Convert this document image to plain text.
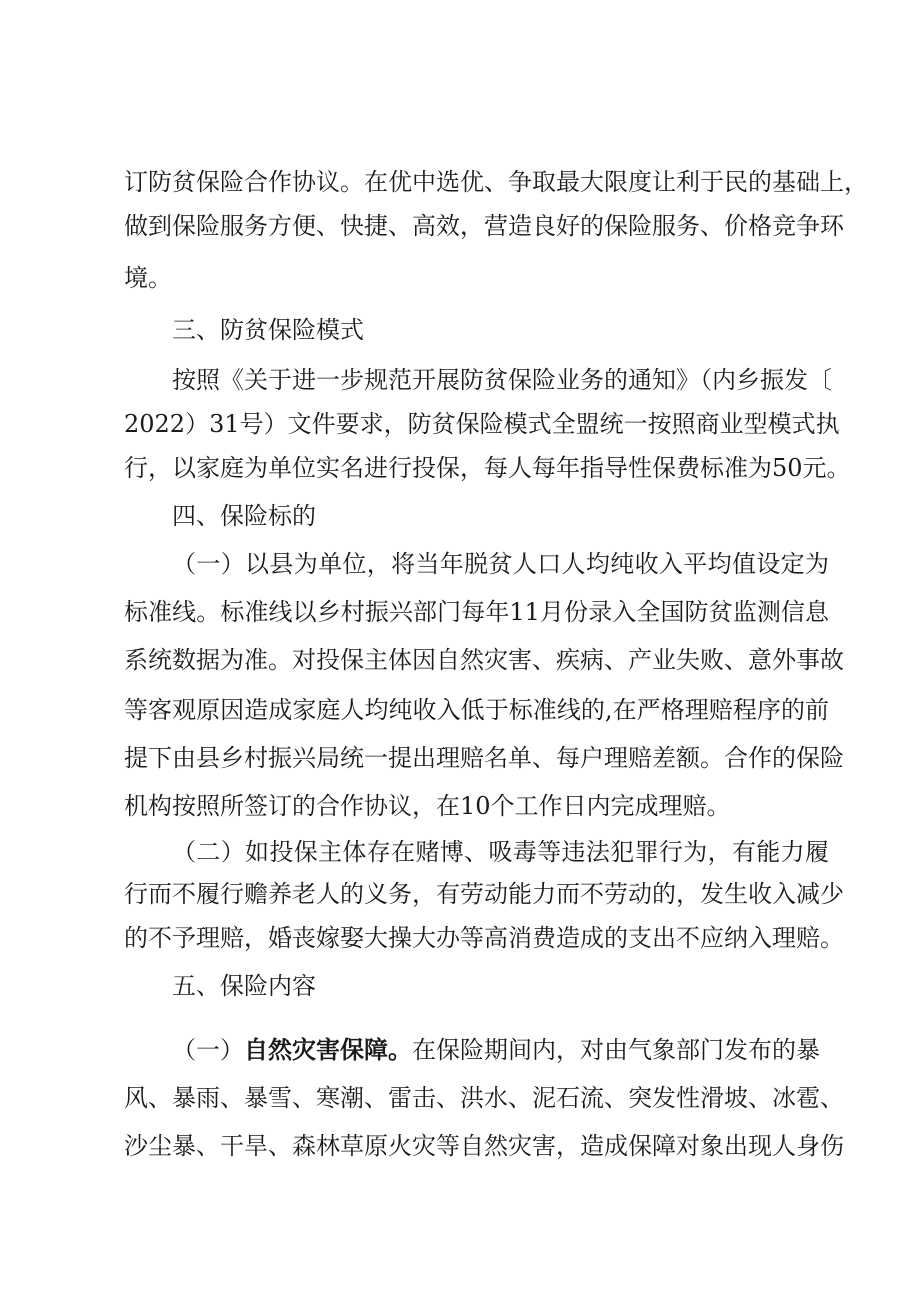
订防贫保险合作协议。在优中选优、争取最大限度让利于民的基础上，
做到保险服务方便、快捷、高效，营造良好的保险服务、价格竞争环
境。
三、防贫保险模式
按照《关于进一步规范开展防贫保险业务的通知》（内乡振发〔
2022）31号）文件要求，防贫保险模式全盟统一按照商业型模式执
行，以家庭为单位实名进行投保，每人每年指导性保费标准为50元。
四、保险标的
（一）以县为单位，将当年脱贫人口人均纯收入平均值设定为
标准线。标准线以乡村振兴部门每年11月份录入全国防贫监测信息
系统数据为准。对投保主体因自然灾害、疾病、产业失败、意外事故
等客观原因造成家庭人均纯收入低于标准线的,在严格理赔程序的前
提下由县乡村振兴局统一提出理赔名单、每户理赔差额。合作的保险
机构按照所签订的合作协议，在10个工作日内完成理赔。
（二）如投保主体存在赌博、吸毒等违法犯罪行为，有能力履
行而不履行赡养老人的义务，有劳动能力而不劳动的，发生收入减少
的不予理赔，婚丧嫁娶大操大办等高消费造成的支出不应纳入理赔。
五、保险内容
（一）自然灾害保障。在保险期间内，对由气象部门发布的暴
风、暴雨、暴雪、寒潮、雷击、洪水、泥石流、突发性滑坡、冰雹、
沙尘暴、干旱、森林草原火灾等自然灾害，造成保障对象出现人身伤
